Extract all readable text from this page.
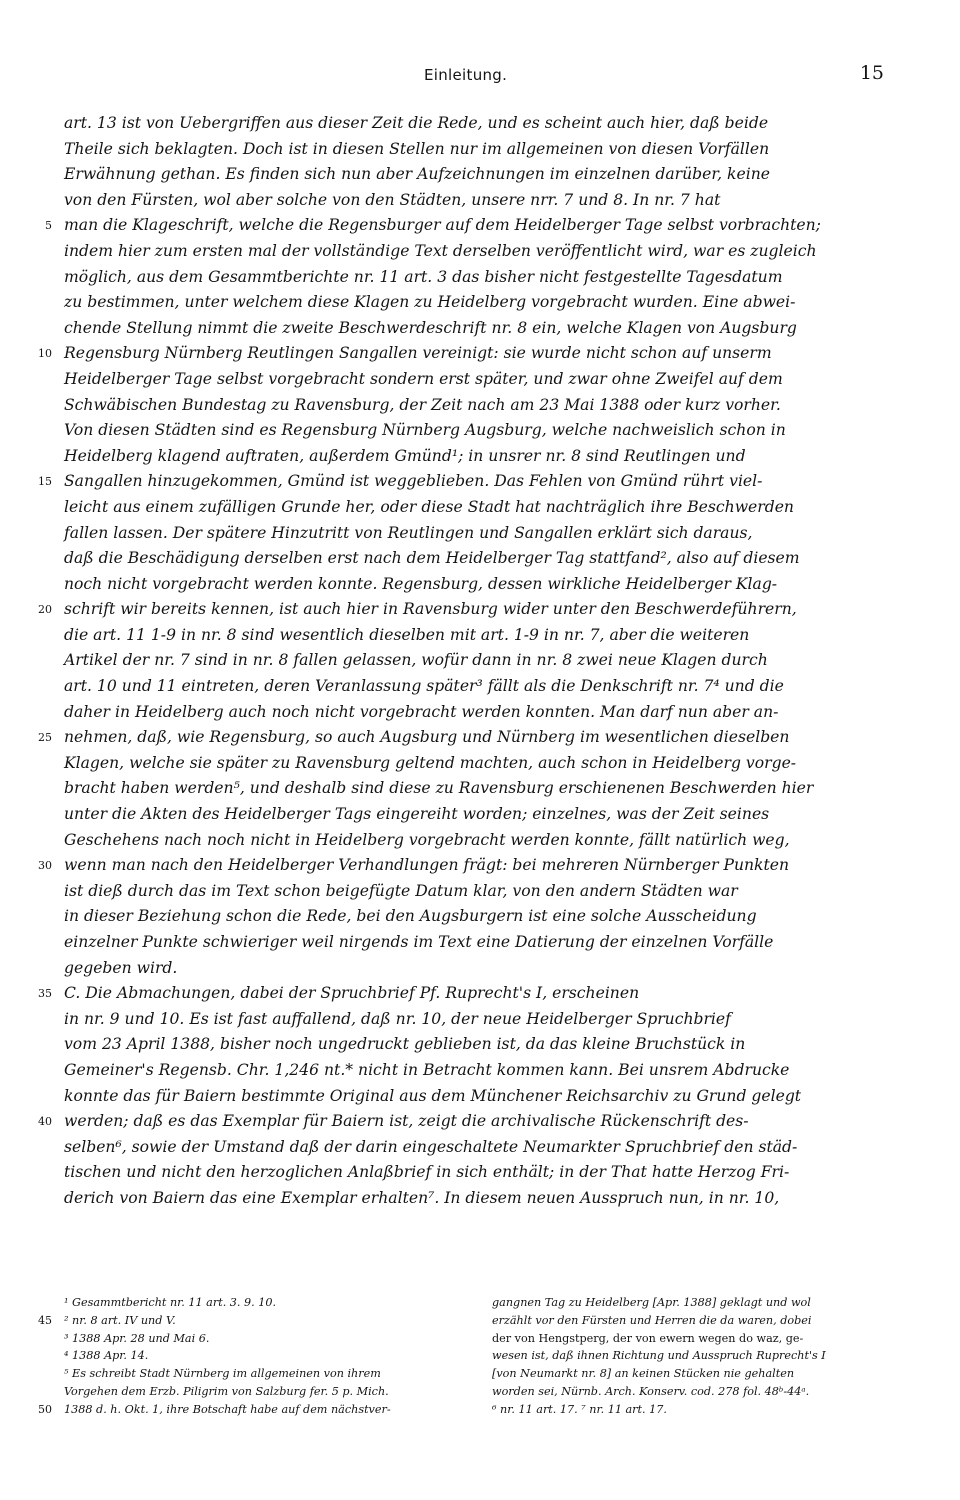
Einleitung.	15
art. 13 ist von Uebergriffen aus dieser Zeit die Rede, und es scheint auch hier, daß beide
Theile sich beklagten. Doch ist in diesen Stellen nur im allgemeinen von diesen Vorfällen
Erwähnung gethan. Es finden sich nun aber Aufzeichnungen im einzelnen darüber, keine
von den Fürsten, wol aber solche von den Städten, unsere nrr. 7 und 8. In nr. 7 hat
5 man die Klageschrift, welche die Regensburger auf dem Heidelberger Tage selbst vorbrachten;
indem hier zum ersten mal der vollständige Text derselben veröffentlicht wird, war es zugleich
möglich, aus dem Gesammtberichte nr. 11 art. 3 das bisher nicht festgestellte Tagesdatum
zu bestimmen, unter welchem diese Klagen zu Heidelberg vorgebracht wurden. Eine abwei-
chende Stellung nimmt die zweite Beschwerdeschrift nr. 8 ein, welche Klagen von Augsburg
10 Regensburg Nürnberg Reutlingen Sangallen vereinigt: sie wurde nicht schon auf unserm
Heidelberger Tage selbst vorgebracht sondern erst später, und zwar ohne Zweifel auf dem
Schwäbischen Bundestag zu Ravensburg, der Zeit nach am 23 Mai 1388 oder kurz vorher.
Von diesen Städten sind es Regensburg Nürnberg Augsburg, welche nachweislich schon in
Heidelberg klagend auftraten, außerdem Gmünd¹; in unsrer nr. 8 sind Reutlingen und
15 Sangallen hinzugekommen, Gmünd ist weggeblieben. Das Fehlen von Gmünd rührt viel-
leicht aus einem zufälligen Grunde her, oder diese Stadt hat nachträglich ihre Beschwerden
fallen lassen. Der spätere Hinzutritt von Reutlingen und Sangallen erklärt sich daraus,
daß die Beschädigung derselben erst nach dem Heidelberger Tag stattfand², also auf diesem
noch nicht vorgebracht werden konnte. Regensburg, dessen wirkliche Heidelberger Klag-
20 schrift wir bereits kennen, ist auch hier in Ravensburg wider unter den Beschwerdeführern,
die art. 11 1-9 in nr. 8 sind wesentlich dieselben mit art. 1-9 in nr. 7, aber die weiteren
Artikel der nr. 7 sind in nr. 8 fallen gelassen, wofür dann in nr. 8 zwei neue Klagen durch
art. 10 und 11 eintreten, deren Veranlassung später³ fällt als die Denkschrift nr. 7⁴ und die
daher in Heidelberg auch noch nicht vorgebracht werden konnten. Man darf nun aber an-
25 nehmen, daß, wie Regensburg, so auch Augsburg und Nürnberg im wesentlichen dieselben
Klagen, welche sie später zu Ravensburg geltend machten, auch schon in Heidelberg vorge-
bracht haben werden⁵, und deshalb sind diese zu Ravensburg erschienenen Beschwerden hier
unter die Akten des Heidelberger Tags eingereiht worden; einzelnes, was der Zeit seines
Geschehens nach noch nicht in Heidelberg vorgebracht werden konnte, fällt natürlich weg,
30 wenn man nach den Heidelberger Verhandlungen frägt: bei mehreren Nürnberger Punkten
ist dieß durch das im Text schon beigefügte Datum klar, von den andern Städten war
in dieser Beziehung schon die Rede, bei den Augsburgern ist eine solche Ausscheidung
einzelner Punkte schwieriger weil nirgends im Text eine Datierung der einzelnen Vorfälle
gegeben wird.
35 C. Die Abmachungen, dabei der Spruchbrief Pf. Ruprecht's I, erscheinen
in nr. 9 und 10. Es ist fast auffallend, daß nr. 10, der neue Heidelberger Spruchbrief
vom 23 April 1388, bisher noch ungedruckt geblieben ist, da das kleine Bruchstück in
Gemeiner's Regensb. Chr. 1,246 nt.* nicht in Betracht kommen kann. Bei unsrem Abdrucke
konnte das für Baiern bestimmte Original aus dem Münchener Reichsarchiv zu Grund gelegt
40 werden; daß es das Exemplar für Baiern ist, zeigt die archivalische Rückenschrift des-
selben⁶, sowie der Umstand daß der darin eingeschaltete Neumarkter Spruchbrief den städ-
tischen und nicht den herzoglichen Anlaßbrief in sich enthält; in der That hatte Herzog Fri-
derich von Baiern das eine Exemplar erhalten⁷. In diesem neuen Ausspruch nun, in nr. 10,
¹ Gesammtbericht nr. 11 art. 3. 9. 10.
45 ² nr. 8 art. IV und V.
³ 1388 Apr. 28 und Mai 6.
⁴ 1388 Apr. 14.
⁵ Es schreibt Stadt Nürnberg im allgemeinen von ihrem
Vorgehen dem Erzb. Piligrim von Salzburg fer. 5 p. Mich.
50 1388 d. h. Okt. 1, ihre Botschaft habe auf dem nächstver-
gangnen Tag zu Heidelberg [Apr. 1388] geklagt und wol
erzählt vor den Fürsten und Herren die da waren, dobei
der von Hengstperg, der von ewern wegen do waz, ge-
wesen ist, daß ihnen Richtung und Ausspruch Ruprecht's I
[von Neumarkt nr. 8] an keinen Stücken nie gehalten
worden sei, Nürnb. Arch. Konserv. cod. 278 fol. 48ᵇ-44ᵃ.
⁶ nr. 11 art. 17. ⁷ nr. 11 art. 17.
